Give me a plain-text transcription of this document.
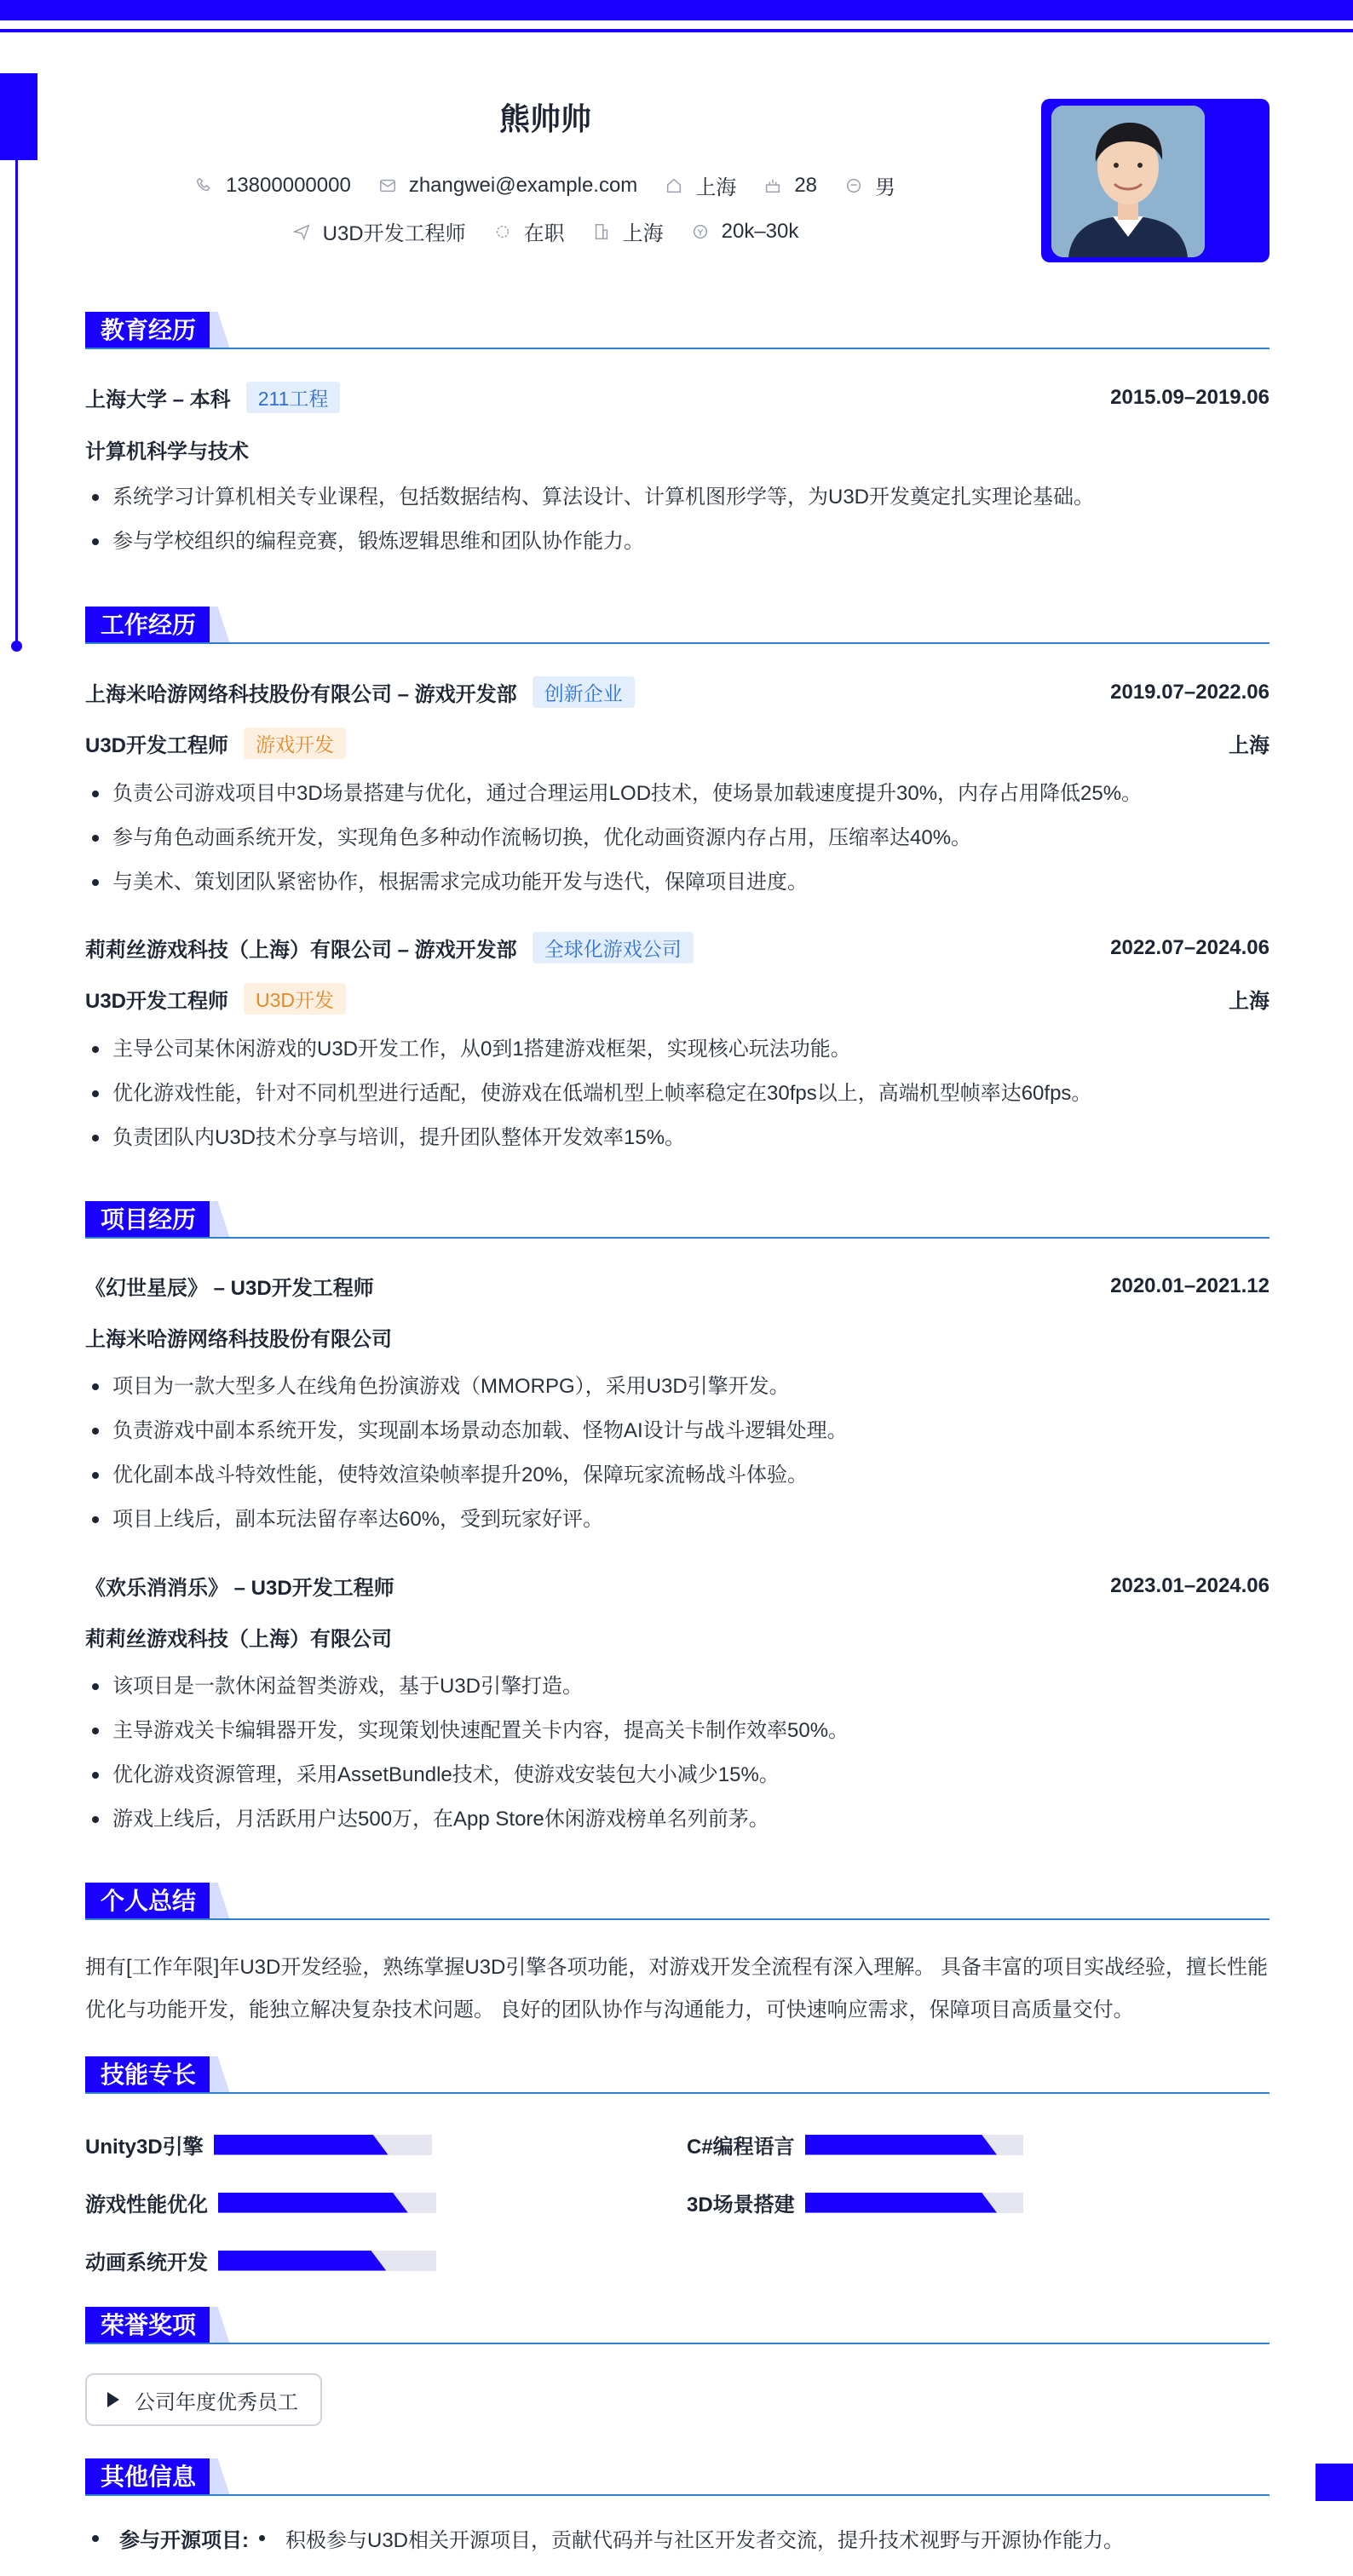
熊帅帅
13800000000	zhangwei@example.com	上海	28	男
U3D开发工程师	在职	上海	20k–30k
教育经历
上海大学 – 本科	211工程	2015.09–2019.06
计算机科学与技术
系统学习计算机相关专业课程，包括数据结构、算法设计、计算机图形学等，为U3D开发奠定扎实理论基础。
参与学校组织的编程竞赛，锻炼逻辑思维和团队协作能力。
工作经历
上海米哈游网络科技股份有限公司 – 游戏开发部	创新企业	2019.07–2022.06
U3D开发工程师	游戏开发	上海
负责公司游戏项目中3D场景搭建与优化，通过合理运用LOD技术，使场景加载速度提升30%，内存占用降低25%。
参与角色动画系统开发，实现角色多种动作流畅切换，优化动画资源内存占用，压缩率达40%。
与美术、策划团队紧密协作，根据需求完成功能开发与迭代，保障项目进度。
莉莉丝游戏科技（上海）有限公司 – 游戏开发部	全球化游戏公司	2022.07–2024.06
U3D开发工程师	U3D开发	上海
主导公司某休闲游戏的U3D开发工作，从0到1搭建游戏框架，实现核心玩法功能。
优化游戏性能，针对不同机型进行适配，使游戏在低端机型上帧率稳定在30fps以上，高端机型帧率达60fps。
负责团队内U3D技术分享与培训，提升团队整体开发效率15%。
项目经历
《幻世星辰》 – U3D开发工程师	2020.01–2021.12
上海米哈游网络科技股份有限公司
项目为一款大型多人在线角色扮演游戏（MMORPG），采用U3D引擎开发。
负责游戏中副本系统开发，实现副本场景动态加载、怪物AI设计与战斗逻辑处理。
优化副本战斗特效性能，使特效渲染帧率提升20%，保障玩家流畅战斗体验。
项目上线后，副本玩法留存率达60%，受到玩家好评。
《欢乐消消乐》 – U3D开发工程师	2023.01–2024.06
莉莉丝游戏科技（上海）有限公司
该项目是一款休闲益智类游戏，基于U3D引擎打造。
主导游戏关卡编辑器开发，实现策划快速配置关卡内容，提高关卡制作效率50%。
优化游戏资源管理，采用AssetBundle技术，使游戏安装包大小减少15%。
游戏上线后，月活跃用户达500万，在App Store休闲游戏榜单名列前茅。
个人总结
拥有[工作年限]年U3D开发经验，熟练掌握U3D引擎各项功能，对游戏开发全流程有深入理解。 具备丰富的项目实战经验，擅长性能优化与功能开发，能独立解决复杂技术问题。 良好的团队协作与沟通能力，可快速响应需求，保障项目高质量交付。
技能专长
Unity3D引擎	C#编程语言
游戏性能优化	3D场景搭建
动画系统开发
荣誉奖项
公司年度优秀员工
其他信息
参与开源项目: 积极参与U3D相关开源项目，贡献代码并与社区开发者交流，提升技术视野与开源协作能力。
